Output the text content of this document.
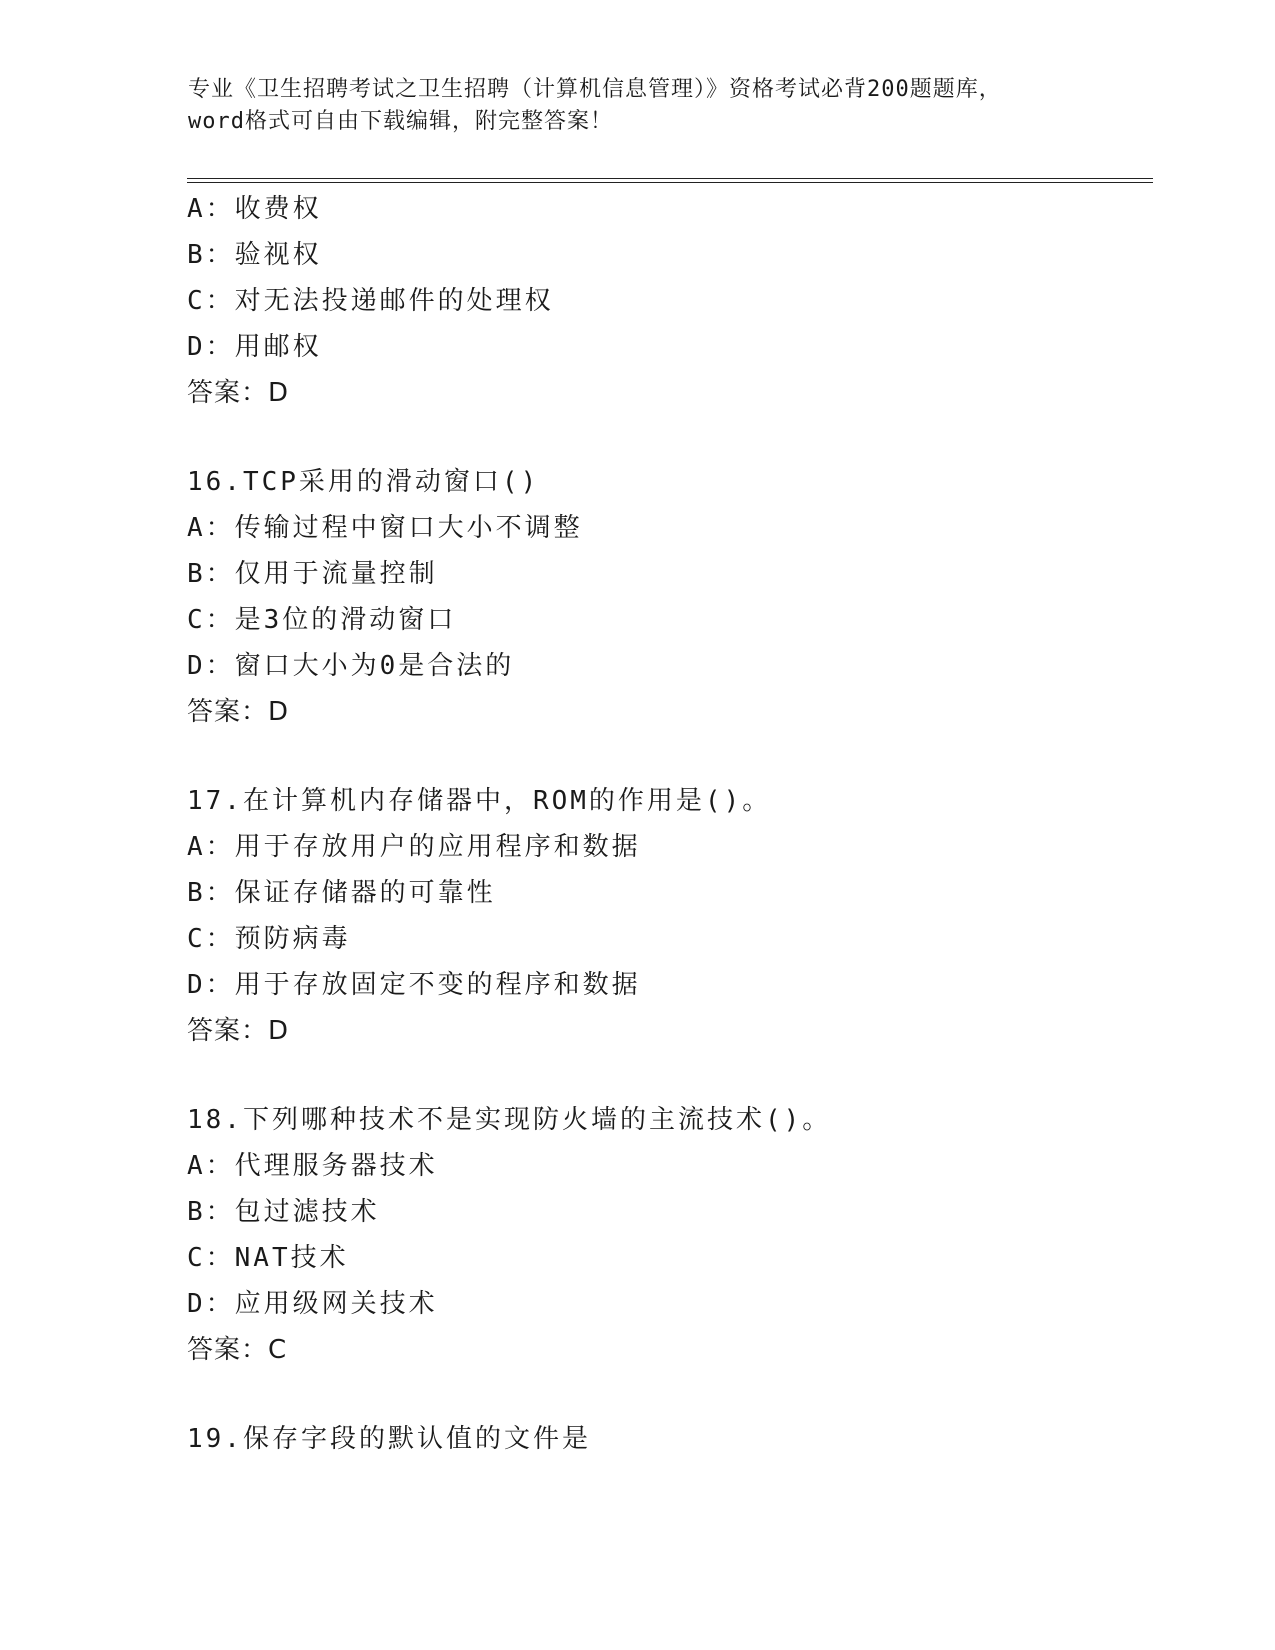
专业《卫生招聘考试之卫生招聘（计算机信息管理）》资格考试必背200题题库，
word格式可自由下载编辑，附完整答案！
A：收费权
B：验视权
C：对无法投递邮件的处理权
D：用邮权
答案：D
16.TCP采用的滑动窗口()
A：传输过程中窗口大小不调整
B：仅用于流量控制
C：是3位的滑动窗口
D：窗口大小为0是合法的
答案：D
17.在计算机内存储器中，ROM的作用是()。
A：用于存放用户的应用程序和数据
B：保证存储器的可靠性
C：预防病毒
D：用于存放固定不变的程序和数据
答案：D
18.下列哪种技术不是实现防火墙的主流技术()。
A：代理服务器技术
B：包过滤技术
C：NAT技术
D：应用级网关技术
答案：C
19.保存字段的默认值的文件是
